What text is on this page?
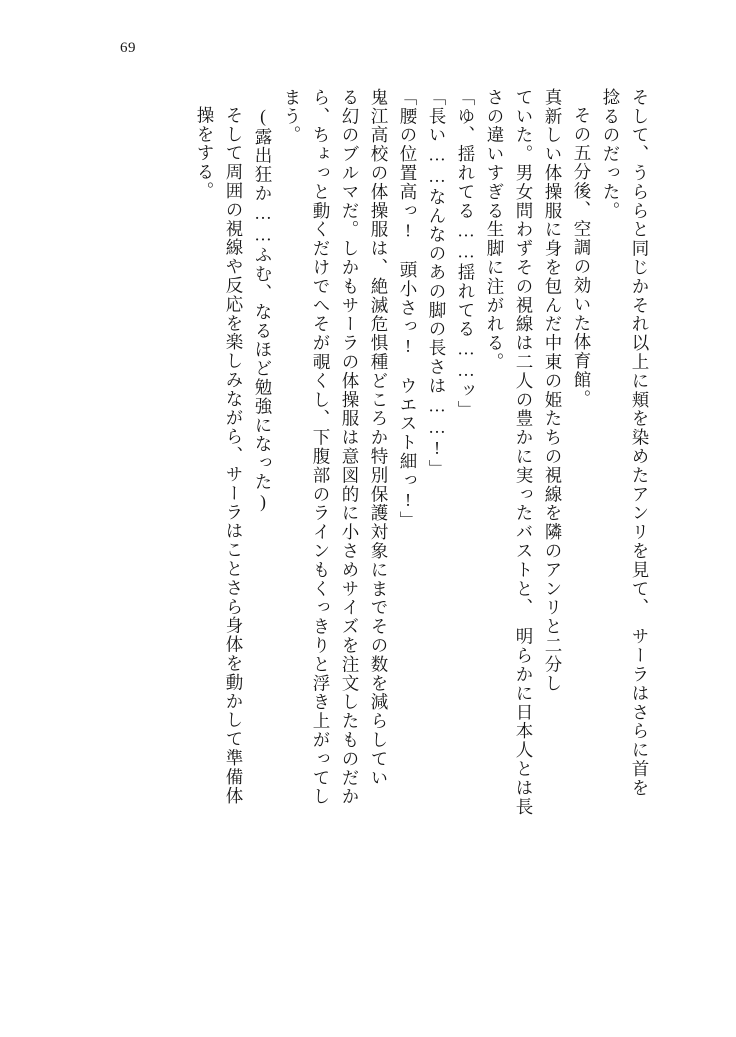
69
そして、うららと同じかそれ以上に頬を染めたアンリを見て、　サーラはさらに首を
捻るのだった。
その五分後、空調の効いた体育館。
真新しい体操服に身を包んだ中東の姫たちの視線を隣のアンリと二分し
ていた。男女問わずその視線は二人の豊かに実ったバストと、　明らかに日本人とは長
さの違いすぎる生脚に注がれる。
「ゆ、揺れてる……揺れてる……ッ」
「長い……なんなのあの脚の長さは……!」
「腰の位置高っ!　頭小さっ!　ウエスト細っ!」
鬼江高校の体操服は、絶滅危惧種どころか特別保護対象にまでその数を減らしてい
る幻のブルマだ。しかもサーラの体操服は意図的に小さめサイズを注文したものだか
ら、ちょっと動くだけでへそが覗くし、下腹部のラインもくっきりと浮き上がってし
まう。
(露出狂か……ふむ、なるほど勉強になった)
そして周囲の視線や反応を楽しみながら、サーラはことさら身体を動かして準備体
操をする。
